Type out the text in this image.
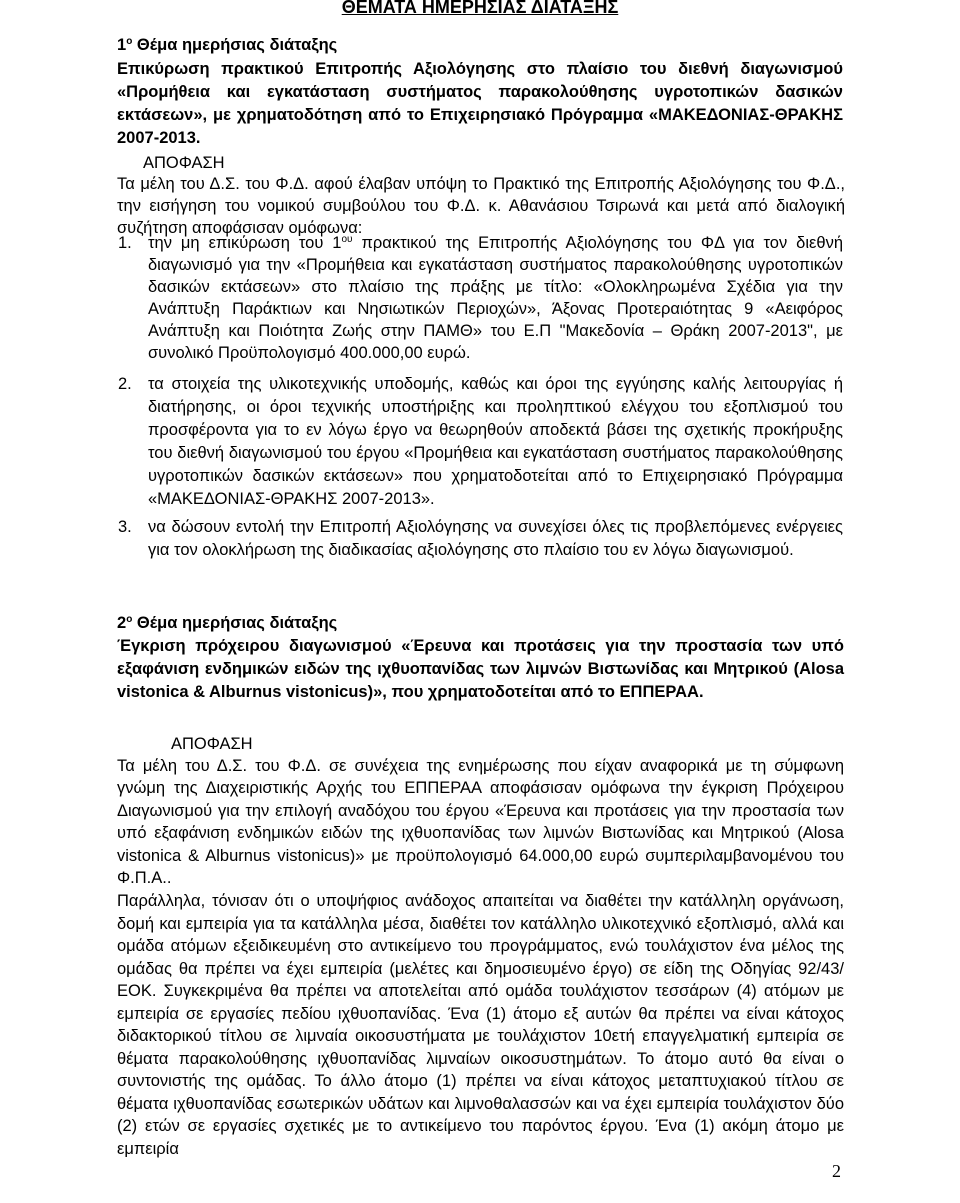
ΘΕΜΑΤΑ ΗΜΕΡΗΣΙΑΣ ΔΙΑΤΑΞΗΣ
$1^o$ Θέμα ημερήσιας διάταξης

Επικύρωση πρακτικού Επιτροπής Αξιολόγησης στο πλαίσιο του διεθνή διαγωνισμού «Προμήθεια και εγκατάσταση συστήματος παρακολούθησης υγροτοπικών δασικών εκτάσεων», με χρηματοδότηση από το Επιχειρησιακό Πρόγραμμα «ΜΑΚΕΔΟΝΙΑΣ-ΘΡΑΚΗΣ 2007-2013.

ΑΠΟΦΑΣΗ

Τα μέλη του Δ.Σ. του Φ.Δ. αφού έλαβαν υπόψη το Πρακτικό της Επιτροπής Αξιολόγησης του Φ.Δ., την εισήγηση του νομικού συμβούλου του Φ.Δ. κ. Αθανάσιου Τσιρωνά και μετά από διαλογική συζήτηση αποφάσισαν ομόφωνα:

1. την μη επικύρωση του $1^{o\upsilon}$ πρακτικού της Επιτροπής Αξιολόγησης του ΦΔ για τον διεθνή διαγωνισμό για την «Προμήθεια και εγκατάσταση συστήματος παρακολούθησης υγροτοπικών δασικών εκτάσεων» στο πλαίσιο της πράξης με τίτλο: «Ολοκληρωμένα Σχέδια για την Ανάπτυξη Παράκτιων και Νησιωτικών Περιοχών», Άξονας Προτεραιότητας 9 «Αειφόρος Ανάπτυξη και Ποιότητα Ζωής στην ΠΑΜΘ» του Ε.Π "Μακεδονία – Θράκη 2007-2013", με συνολικό Προϋπολογισμό 400.000,00 ευρώ.

2. τα στοιχεία της υλικοτεχνικής υποδομής, καθώς και όροι της εγγύησης καλής λειτουργίας ή διατήρησης, οι όροι τεχνικής υποστήριξης και προληπτικού ελέγχου του εξοπλισμού του προσφέροντα για το εν λόγω έργο να θεωρηθούν αποδεκτά βάσει της σχετικής προκήρυξης του διεθνή διαγωνισμού του έργου «Προμήθεια και εγκατάσταση συστήματος παρακολούθησης υγροτοπικών δασικών εκτάσεων» που χρηματοδοτείται από το Επιχειρησιακό Πρόγραμμα «ΜΑΚΕΔΟΝΙΑΣ-ΘΡΑΚΗΣ 2007-2013».

3. να δώσουν εντολή την Επιτροπή Αξιολόγησης να συνεχίσει όλες τις προβλεπόμενες ενέργειες για τον ολοκλήρωση της διαδικασίας αξιολόγησης στο πλαίσιο του εν λόγω διαγωνισμού.

$2^o$ Θέμα ημερήσιας διάταξης

Έγκριση πρόχειρου διαγωνισμού «Έρευνα και προτάσεις για την προστασία των υπό εξαφάνιση ενδημικών ειδών της ιχθυοπανίδας των λιμνών Βιστωνίδας και Μητρικού (Alosa vistonica & Alburnus vistonicus)», που χρηματοδοτείται από το ΕΠΠΕΡΑΑ.

ΑΠΟΦΑΣΗ

Τα μέλη του Δ.Σ. του Φ.Δ. σε συνέχεια της ενημέρωσης που είχαν αναφορικά με τη σύμφωνη γνώμη της Διαχειριστικής Αρχής του ΕΠΠΕΡΑΑ αποφάσισαν ομόφωνα την έγκριση Πρόχειρου Διαγωνισμού για την επιλογή αναδόχου του έργου «Έρευνα και προτάσεις για την προστασία των υπό εξαφάνιση ενδημικών ειδών της ιχθυοπανίδας των λιμνών Βιστωνίδας και Μητρικού (Alosa vistonica & Alburnus vistonicus)» με προϋπολογισμό 64.000,00 ευρώ συμπεριλαμβανομένου του Φ.Π.Α..

Παράλληλα, τόνισαν ότι ο υποψήφιος ανάδοχος απαιτείται να διαθέτει την κατάλληλη οργάνωση, δομή και εμπειρία για τα κατάλληλα μέσα, διαθέτει τον κατάλληλο υλικοτεχνικό εξοπλισμό, αλλά και ομάδα ατόμων εξειδικευμένη στο αντικείμενο του προγράμματος, ενώ τουλάχιστον ένα μέλος της ομάδας θα πρέπει να έχει εμπειρία (μελέτες και δημοσιευμένο έργο) σε είδη της Οδηγίας 92/43/ΕΟΚ. Συγκεκριμένα θα πρέπει να αποτελείται από ομάδα τουλάχιστον τεσσάρων (4) ατόμων με εμπειρία σε εργασίες πεδίου ιχθυοπανίδας. Ένα (1) άτομο εξ αυτών θα πρέπει να είναι κάτοχος διδακτορικού τίτλου σε λιμναία οικοσυστήματα με τουλάχιστον 10ετή επαγγελματική εμπειρία σε θέματα παρακολούθησης ιχθυοπανίδας λιμναίων οικοσυστημάτων. Το άτομο αυτό θα είναι ο συντονιστής της ομάδας. Το άλλο άτομο (1) πρέπει να είναι κάτοχος μεταπτυχιακού τίτλου σε θέματα ιχθυοπανίδας εσωτερικών υδάτων και λιμνοθαλασσών και να έχει εμπειρία τουλάχιστον δύο (2) ετών σε εργασίες σχετικές με το αντικείμενο του παρόντος έργου. Ένα (1) ακόμη άτομο με εμπειρία

2
